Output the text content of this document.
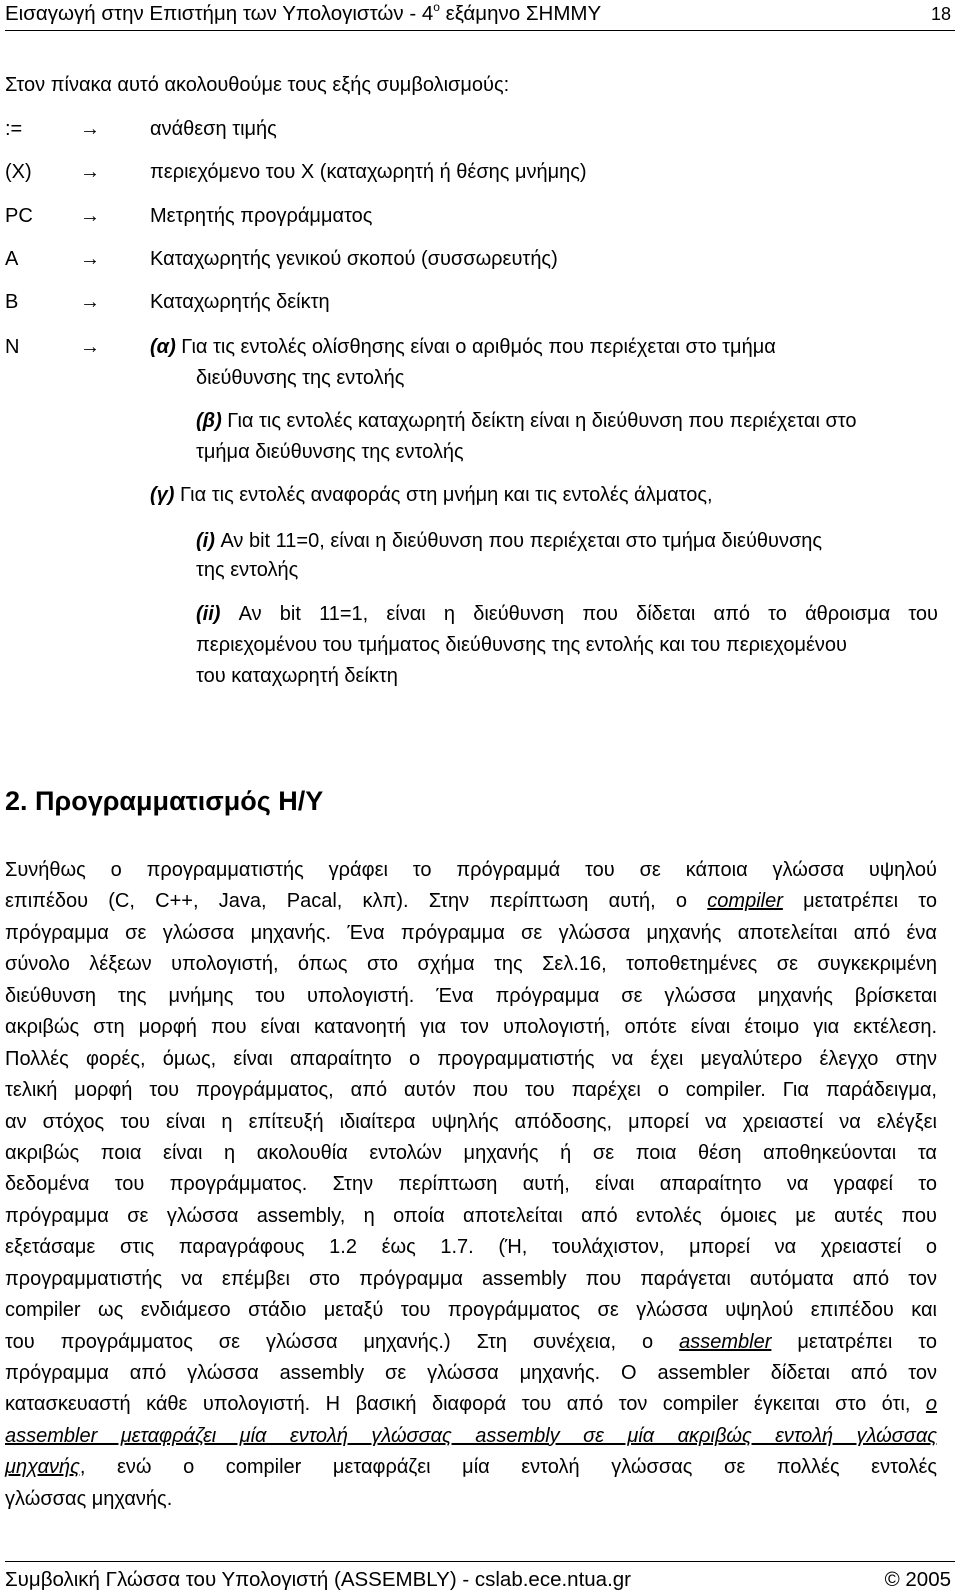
Εισαγωγή στην Επιστήμη των Υπολογιστών - $4^o$ εξάμηνο ΣΗΜΜΥ	18
Στον πίνακα αυτό ακολουθούμε τους εξής συμβολισμούς:
:=	→	ανάθεση τιμής
(X) →	περιεχόμενο του X (καταχωρητή ή θέσης μνήμης)
PC →	Μετρητής προγράμματος
A	→	Καταχωρητής γενικού σκοπού (συσσωρευτής)
B	→	Καταχωρητής δείκτη
N	→	(α) Για τις εντολές ολίσθησης είναι ο αριθμός που περιέχεται στο τμήμα
διεύθυνσης της εντολής
(β) Για τις εντολές καταχωρητή δείκτη είναι η διεύθυνση που περιέχεται στο
τμήμα διεύθυνσης της εντολής
(γ) Για τις εντολές αναφοράς στη μνήμη και τις εντολές άλματος,
(i) Αν bit 11=0, είναι η διεύθυνση που περιέχεται στο τμήμα διεύθυνσης
της εντολής
(ii) Αν bit 11=1, είναι η διεύθυνση που δίδεται από το άθροισμα του
περιεχομένου του τμήματος διεύθυνσης της εντολής και του περιεχομένου
του καταχωρητή δείκτη
2. Προγραμματισμός Η/Υ
Συνήθως ο προγραμματιστής γράφει το πρόγραμμά του σε κάποια γλώσσα υψηλού
επιπέδου (C, C++, Java, Pacal, κλπ). Στην περίπτωση αυτή, ο compiler μετατρέπει το
πρόγραμμα σε γλώσσα μηχανής. Ένα πρόγραμμα σε γλώσσα μηχανής αποτελείται από ένα
σύνολο λέξεων υπολογιστή, όπως στο σχήμα της Σελ.16, τοποθετημένες σε συγκεκριμένη
διεύθυνση της μνήμης του υπολογιστή. Ένα πρόγραμμα σε γλώσσα μηχανής βρίσκεται
ακριβώς στη μορφή που είναι κατανοητή για τον υπολογιστή, οπότε είναι έτοιμο για εκτέλεση.
Πολλές φορές, όμως, είναι απαραίτητο ο προγραμματιστής να έχει μεγαλύτερο έλεγχο στην
τελική μορφή του προγράμματος, από αυτόν που του παρέχει ο compiler. Για παράδειγμα,
αν στόχος του είναι η επίτευξή ιδιαίτερα υψηλής απόδοσης, μπορεί να χρειαστεί να ελέγξει
ακριβώς ποια είναι η ακολουθία εντολών μηχανής ή σε ποια θέση αποθηκεύονται τα
δεδομένα του προγράμματος. Στην περίπτωση αυτή, είναι απαραίτητο να γραφεί το
πρόγραμμα σε γλώσσα assembly, η οποία αποτελείται από εντολές όμοιες με αυτές που
εξετάσαμε στις παραγράφους 1.2 έως 1.7. (Ή, τουλάχιστον, μπορεί να χρειαστεί ο
προγραμματιστής να επέμβει στο πρόγραμμα assembly που παράγεται αυτόματα από τον
compiler ως ενδιάμεσο στάδιο μεταξύ του προγράμματος σε γλώσσα υψηλού επιπέδου και
του προγράμματος σε γλώσσα μηχανής.) Στη συνέχεια, ο assembler μετατρέπει το
πρόγραμμα από γλώσσα assembly σε γλώσσα μηχανής. Ο assembler δίδεται από τον
κατασκευαστή κάθε υπολογιστή. Η βασική διαφορά του από τον compiler έγκειται στο ότι, ο
assembler μεταφράζει μία εντολή γλώσσας assembly σε μία ακριβώς εντολή γλώσσας
μηχανής, ενώ ο compiler μεταφράζει μία εντολή γλώσσας σε πολλές εντολές
γλώσσας μηχανής.
Συμβολική Γλώσσα του Υπολογιστή (ASSEMBLY) - cslab.ece.ntua.gr	© 2005
